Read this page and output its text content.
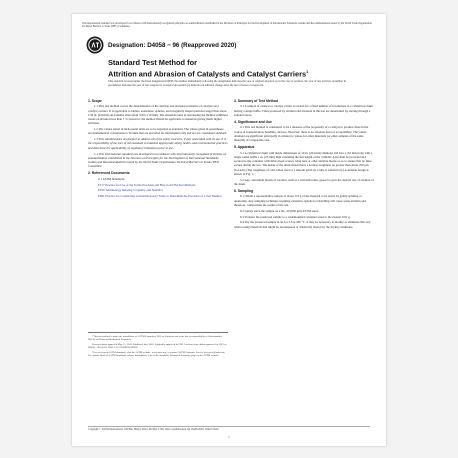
This international standard was developed in accordance with internationally recognized principles on standardization established in the Decision on Principles for the Development of International Standards, Guides and Recommendations issued by the World Trade Organization Technical Barriers to Trade (TBT) Committee.
Designation: D4058 − 96 (Reapproved 2020)
Standard Test Method for
Attrition and Abrasion of Catalysts and Catalyst Carriers$^1$
This standard is issued under the fixed designation D4058; the number immediately following the designation indicates the year of original adoption or, in the case of revision, the year of last revision. A number in parentheses indicates the year of last reapproval. A superscript epsilon (ε) indicates an editorial change since the last revision or reapproval.
1. Scope

1.1 This test method covers the determination of the attrition and abrasion resistance of catalysts and catalyst carriers. It is applicable to tablets, extrudates, spheres, and irregularly shaped particles larger than about 1⁄32 in. (0.8 mm) and smaller than about 3⁄4 in. (19 mm). The materials used in developing the method exhibited losses on abrasion less than 7 %; however, the method should be applicable to materials giving much higher attritions.

1.2 The values stated in inch-pound units are to be regarded as standard. The values given in parentheses are mathematical conversions to SI units that are provided for information only and are not considered standard.

1.3 This standard does not purport to address all of the safety concerns, if any, associated with its use. It is the responsibility of the user of this standard to establish appropriate safety, health, and environmental practices and determine the applicability of regulatory limitations prior to use.

1.4 This international standard was developed in accordance with internationally recognized principles on standardization established in the Decision on Principles for the Development of International Standards, Guides and Recommendations issued by the World Trade Organization Technical Barriers to Trade (TBT) Committee.

2. Referenced Documents

2.1 ASTM Standards:

E177 Practice for Use of the Terms Precision and Bias in ASTM Test Methods

E456 Terminology Relating to Quality and Statistics

E691 Practice for Conducting an Interlaboratory Study to Determine the Precision of a Test Method

¹ This test method is under the jurisdiction of ASTM Committee D32 on Catalysts and is the direct responsibility of Subcommittee D32.02 on Physical-Mechanical Properties.

Current edition approved May 15, 2020. Published June 2020. Originally approved in 1981. Last previous edition approved in 2015 as D4058 – 96 (2015). DOI: 10.1520/D4058-96R20.

² For referenced ASTM standards, visit the ASTM website, www.astm.org, or contact ASTM Customer Service at service@astm.org. For Annual Book of ASTM Standards volume information, refer to the standard's Document Summary page on the ASTM website.

3. Summary of Test Method

3.1 A sample of catalyst or catalyst carrier is rotated for a fixed number of revolutions in a cylindrical drum having a single baffle. Fines produced by attrition and abrasion in the test are determined by sieving through a standard sieve.

4. Significance and Use

4.1 This test method is considered to be a measure of the propensity of a catalyst to produce fines in the course of transportation, handling, and use. However, there is no absolute level of acceptability. The values obtained are significant principally in relation to values for other materials (or other samples of the same material) of comparable size.

5. Apparatus

5.1 A cylindrical drum with inside dimensions of 10 in. (254 mm) diameter and 6 in. (152 mm) long with a single radial baffle 1 in. (25 mm) high extending the full length of the cylinder. A lid shall be provided and secured to the container with fillers head screws, wing nuts or other suitable means so as to ensure that no fines escape during the test. The inside of the drum should have a surface roughness no greater than about 250 μin. (6.4 μm). (The roughness of cold-rolled steel or a smooth grind on a tube is satisfactory.) A suitable design is shown in Fig. 1.

5.2 Any convenient means of rotation, such as a ball mill roller, geared to give the desired rate of rotation of the drum.

6. Sampling

6.1 Obtain a representative sample of about 110 g of the material to be tested by gently splitting or quartering. Any sampling technique requiring extensive agitation or handling will cause some attrition and, therefore, compromise the results of the test.

6.2 Gently sieve the sample on a No. 20 (850 μm) ASTM sieve.

6.3 Transfer the presieved sample to a widemouthed container tared to the nearest 0.01 g.

6.4 Dry the presieved sample in air for 3 h at 400 °C. It may be necessary to modify or eliminate this step when testing materials that might be decomposed or drastically altered by the drying conditions.

Copyright © ASTM International, 100 Barr Harbor Drive, PO Box C700, West Conshohocken, PA 19428-2959. United States
1
